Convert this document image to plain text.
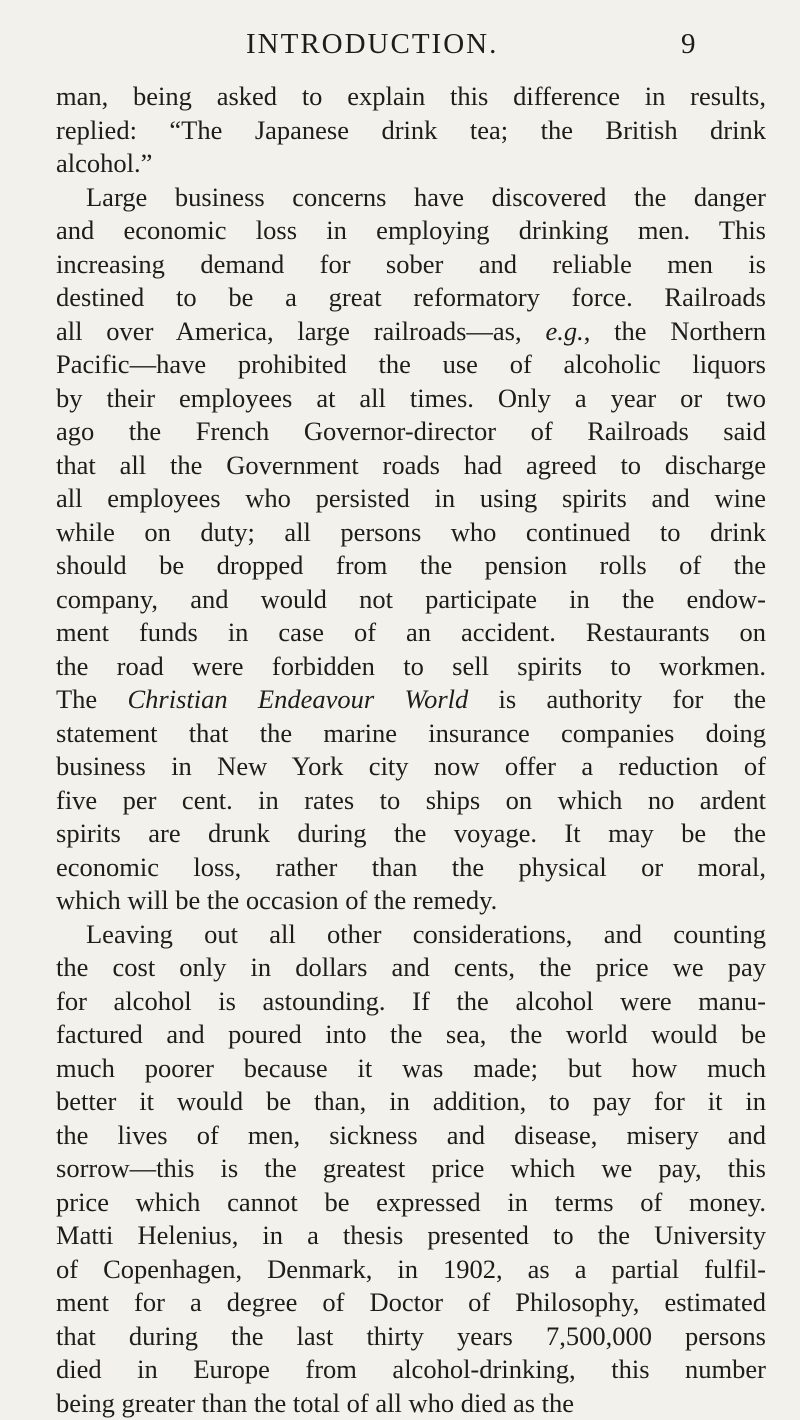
INTRODUCTION.	9
man, being asked to explain this difference in results,
replied: “The Japanese drink tea; the British drink
alcohol.”
Large business concerns have discovered the danger
and economic loss in employing drinking men. This
increasing demand for sober and reliable men is
destined to be a great reformatory force. Railroads
all over America, large railroads—as, e.g., the Northern
Pacific—have prohibited the use of alcoholic liquors
by their employees at all times. Only a year or two
ago the French Governor-director of Railroads said
that all the Government roads had agreed to discharge
all employees who persisted in using spirits and wine
while on duty; all persons who continued to drink
should be dropped from the pension rolls of the
company, and would not participate in the endow-
ment funds in case of an accident. Restaurants on
the road were forbidden to sell spirits to workmen.
The Christian Endeavour World is authority for the
statement that the marine insurance companies doing
business in New York city now offer a reduction of
five per cent. in rates to ships on which no ardent
spirits are drunk during the voyage. It may be the
economic loss, rather than the physical or moral,
which will be the occasion of the remedy.
Leaving out all other considerations, and counting
the cost only in dollars and cents, the price we pay
for alcohol is astounding. If the alcohol were manu-
factured and poured into the sea, the world would be
much poorer because it was made; but how much
better it would be than, in addition, to pay for it in
the lives of men, sickness and disease, misery and
sorrow—this is the greatest price which we pay, this
price which cannot be expressed in terms of money.
Matti Helenius, in a thesis presented to the University
of Copenhagen, Denmark, in 1902, as a partial fulfil-
ment for a degree of Doctor of Philosophy, estimated
that during the last thirty years 7,500,000 persons
died in Europe from alcohol-drinking, this number
being greater than the total of all who died as the
